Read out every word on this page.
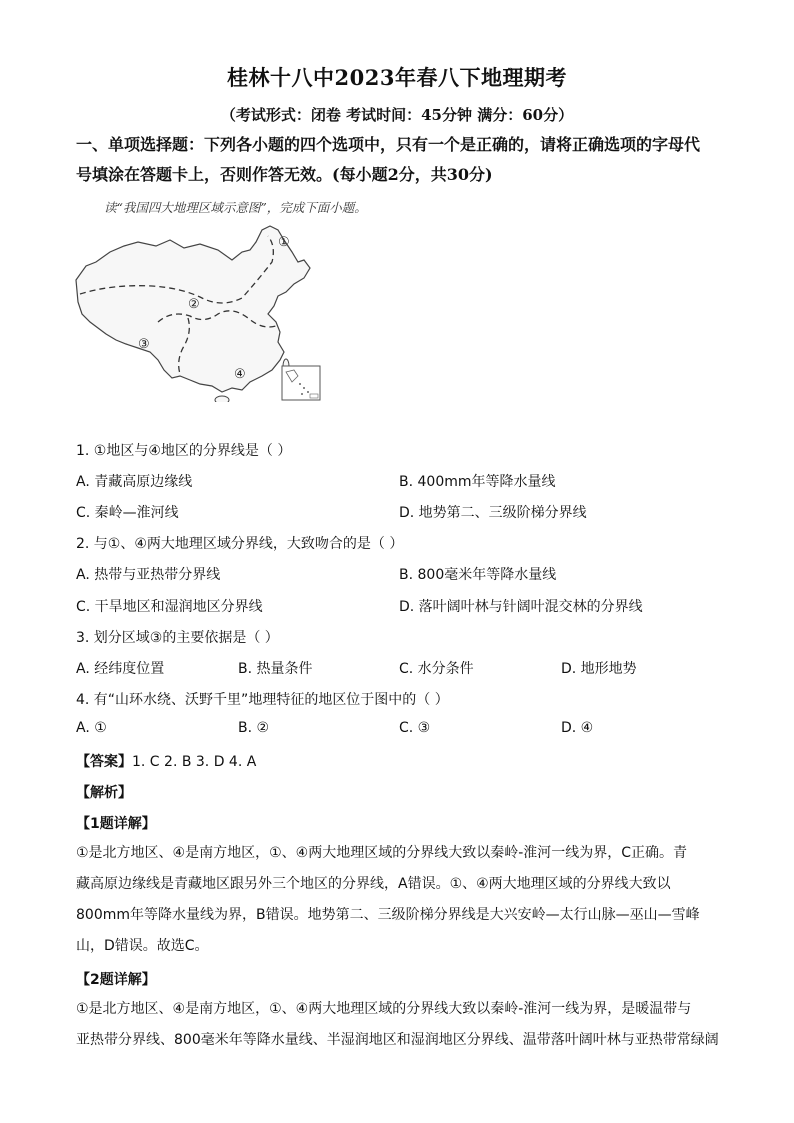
桂林十八中2023年春八下地理期考
（考试形式：闭卷 考试时间：45分钟 满分：60分）
一、单项选择题：下列各小题的四个选项中，只有一个是正确的，请将正确选项的字母代
号填涂在答题卡上，否则作答无效。(每小题2分，共30分)
读“我国四大地理区域示意图”，完成下面小题。
①
②
③
④
1. ①地区与④地区的分界线是（ ）
A. 青藏高原边缘线	B. 400mm年等降水量线
C. 秦岭—淮河线	D. 地势第二、三级阶梯分界线
2. 与①、④两大地理区域分界线，大致吻合的是（ ）
A. 热带与亚热带分界线	B. 800毫米年等降水量线
C. 干旱地区和湿润地区分界线	D. 落叶阔叶林与针阔叶混交林的分界线
3. 划分区域③的主要依据是（ ）
A. 经纬度位置	B. 热量条件	C. 水分条件	D. 地形地势
4. 有“山环水绕、沃野千里”地理特征的地区位于图中的（ ）
A. ①	B. ②	C. ③	D. ④
【答案】1. C 2. B 3. D 4. A
【解析】
【1题详解】
①是北方地区、④是南方地区，①、④两大地理区域的分界线大致以秦岭-淮河一线为界，C正确。青
藏高原边缘线是青藏地区跟另外三个地区的分界线，A错误。①、④两大地理区域的分界线大致以
800mm年等降水量线为界，B错误。地势第二、三级阶梯分界线是大兴安岭—太行山脉—巫山—雪峰
山，D错误。故选C。
【2题详解】
①是北方地区、④是南方地区，①、④两大地理区域的分界线大致以秦岭-淮河一线为界，是暖温带与
亚热带分界线、800毫米年等降水量线、半湿润地区和湿润地区分界线、温带落叶阔叶林与亚热带常绿阔
